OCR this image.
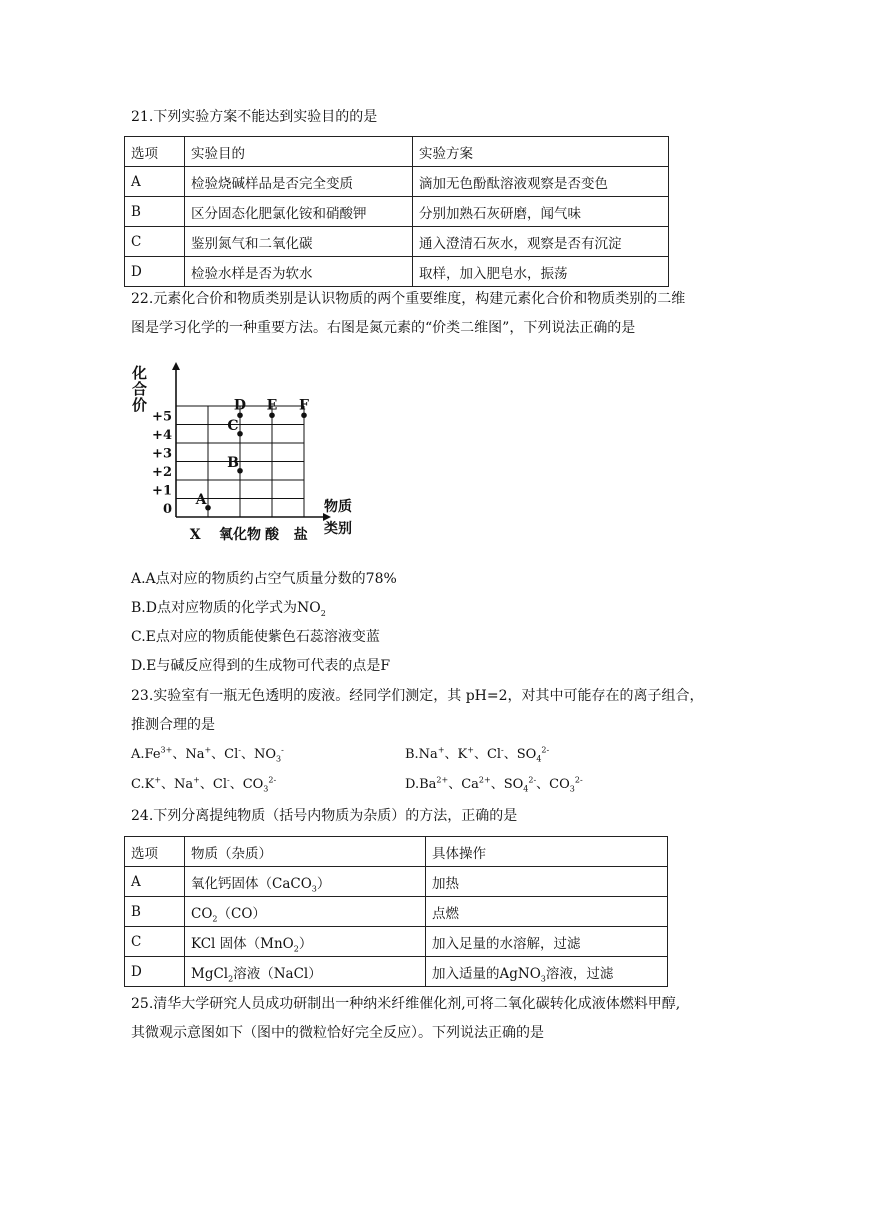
21.下列实验方案不能达到实验目的的是
选项	实验目的	实验方案
A	检验烧碱样品是否完全变质	滴加无色酚酞溶液观察是否变色
B	区分固态化肥氯化铵和硝酸钾	分别加熟石灰研磨，闻气味
C	鉴别氮气和二氧化碳	通入澄清石灰水，观察是否有沉淀
D	检验水样是否为软水	取样，加入肥皂水，振荡
22.元素化合价和物质类别是认识物质的两个重要维度，构建元素化合价和物质类别的二维
图是学习化学的一种重要方法。右图是氮元素的“价类二维图”，下列说法正确的是
化
合
价
+5
+4
+3
+2
+1
0
X 氧化物 酸 盐
物质
类别
A
B
C
D E F
A.A点对应的物质约占空气质量分数的78%
B.D点对应物质的化学式为$NO_2$
C.E点对应的物质能使紫色石蕊溶液变蓝
D.E与碱反应得到的生成物可代表的点是F
23.实验室有一瓶无色透明的废液。经同学们测定，其 pH=2，对其中可能存在的离子组合，
推测合理的是
$A.Fe^{3+}$、Na+、Cl-、$NO_3^-$	B.Na+、K+、Cl-、$SO_4^{2-}$
C.K+、Na+、Cl-、$CO_3^{2-}$	$D.Ba^{2+}$、$Ca^{2+}$、$SO_4^{2-}$、$CO_3^{2-}$
24.下列分离提纯物质（括号内物质为杂质）的方法，正确的是
选项	物质（杂质）	具体操作
A	氧化钙固体（CaCO$_3$）	加热
B	$CO_2(CO)$	点燃
C	KCl 固体（MnO$_2$）	加入足量的水溶解，过滤
D	MgCl$_2$溶液（NaCl）	加入适量的AgNO$_3$溶液，过滤
25.清华大学研究人员成功研制出一种纳米纤维催化剂,可将二氧化碳转化成液体燃料甲醇,
其微观示意图如下（图中的微粒恰好完全反应）。下列说法正确的是
